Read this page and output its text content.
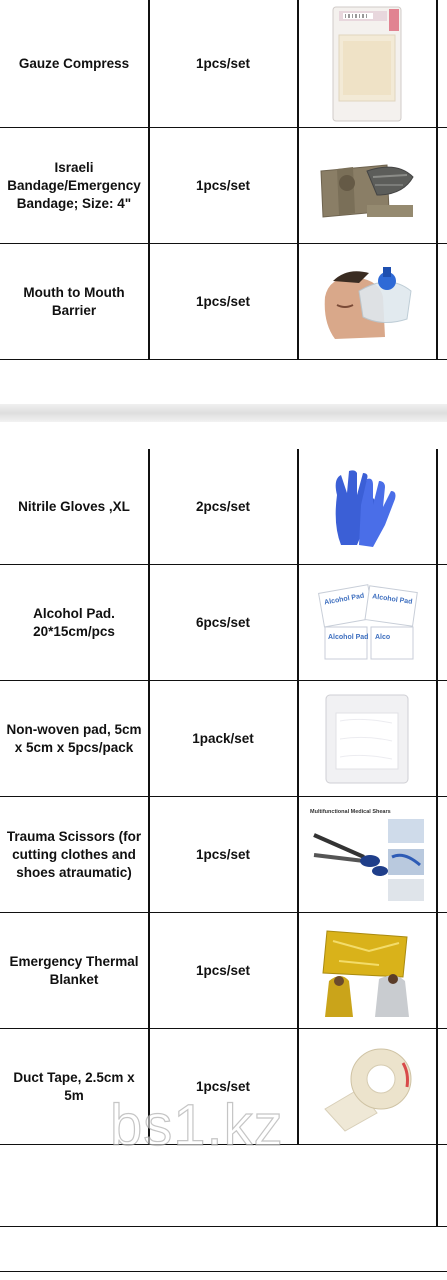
Gauze Compress	1pcs/set
Israeli Bandage/Emergency Bandage; Size: 4"
1pcs/set
Mouth to Mouth Barrier
1pcs/set
Nitrile Gloves ,XL	2pcs/set
Alcohol Pad. 20*15cm/pcs
6pcs/set
Alcohol Pad Alcohol Pad
Alcohol Pad Alco
Non-woven pad, 5cm x 5cm x 5pcs/pack
1pack/set
Trauma Scissors (for cutting clothes and shoes atraumatic)
1pcs/set
Multifunctional Medical Shears
Emergency Thermal Blanket
1pcs/set
Duct Tape, 2.5cm x 5m
1pcs/set
bs1.kz
